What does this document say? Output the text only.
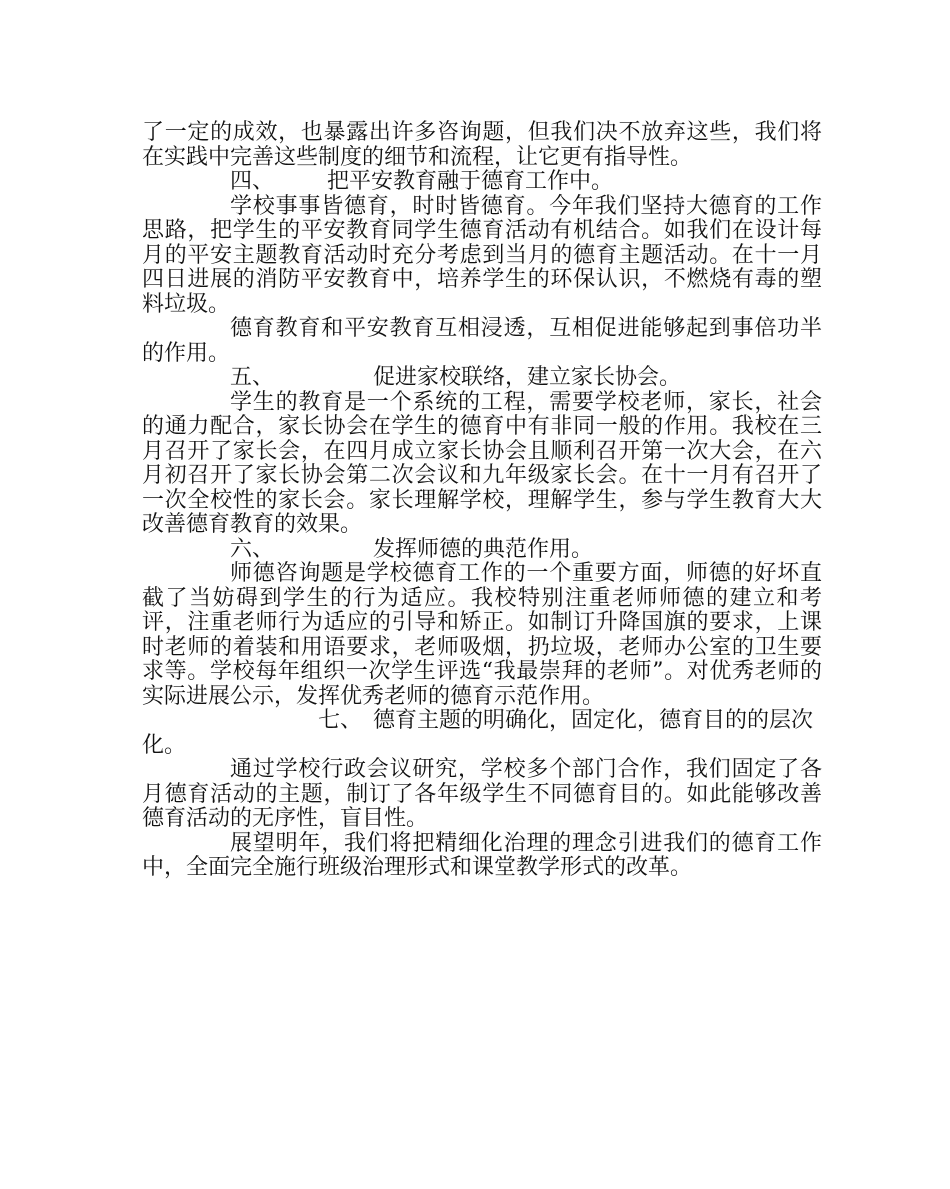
了一定的成效，也暴露出许多咨询题，但我们决不放弃这些，我们将在实践中完善这些制度的细节和流程，让它更有指导性。

四、 把平安教育融于德育工作中。

学校事事皆德育，时时皆德育。今年我们坚持大德育的工作思路，把学生的平安教育同学生德育活动有机结合。如我们在设计每月的平安主题教育活动时充分考虑到当月的德育主题活动。在十一月四日进展的消防平安教育中，培养学生的环保认识，不燃烧有毒的塑料垃圾。

德育教育和平安教育互相浸透，互相促进能够起到事倍功半的作用。

五、	促进家校联络，建立家长协会。

学生的教育是一个系统的工程，需要学校老师，家长，社会的通力配合，家长协会在学生的德育中有非同一般的作用。我校在三月召开了家长会，在四月成立家长协会且顺利召开第一次大会，在六月初召开了家长协会第二次会议和九年级家长会。在十一月有召开了一次全校性的家长会。家长理解学校，理解学生，参与学生教育大大改善德育教育的效果。

六、	发挥师德的典范作用。

师德咨询题是学校德育工作的一个重要方面，师德的好坏直截了当妨碍到学生的行为适应。我校特别注重老师师德的建立和考评，注重老师行为适应的引导和矫正。如制订升降国旗的要求，上课时老师的着装和用语要求，老师吸烟，扔垃圾，老师办公室的卫生要求等。学校每年组织一次学生评选“我最崇拜的老师”。对优秀老师的实际进展公示，发挥优秀老师的德育示范作用。

七、 德育主题的明确化，固定化，德育目的的层次化。

通过学校行政会议研究，学校多个部门合作，我们固定了各月德育活动的主题，制订了各年级学生不同德育目的。如此能够改善德育活动的无序性，盲目性。

展望明年，我们将把精细化治理的理念引进我们的德育工作中，全面完全施行班级治理形式和课堂教学形式的改革。
